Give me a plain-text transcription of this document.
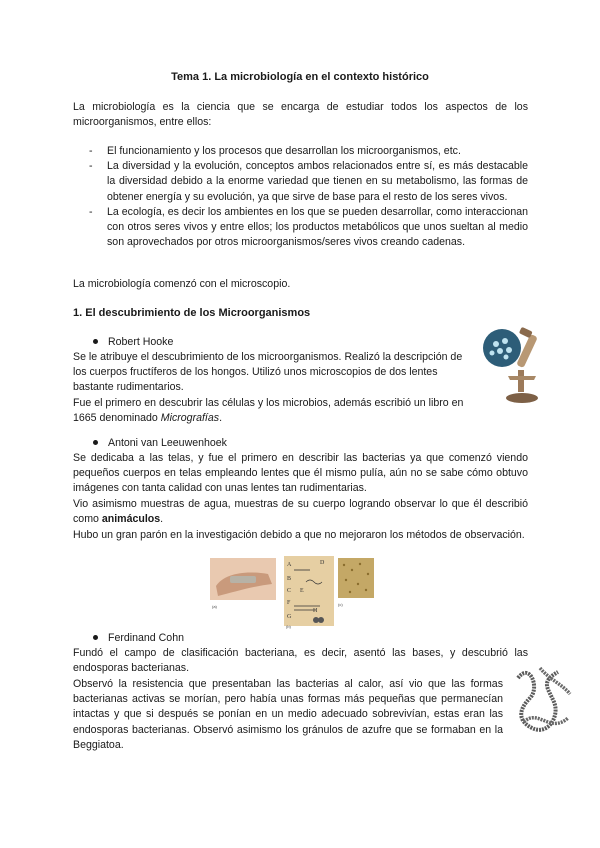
Tema 1. La microbiología en el contexto histórico

La microbiología es la ciencia que se encarga de estudiar todos los aspectos de los microorganismos, entre ellos:

- El funcionamiento y los procesos que desarrollan los microorganismos, etc.
- La diversidad y la evolución, conceptos ambos relacionados entre sí, es más destacable la diversidad debido a la enorme variedad que tienen en su metabolismo, las formas de obtener energía y su evolución, ya que sirve de base para el resto de los seres vivos.
- La ecología, es decir los ambientes en los que se pueden desarrollar, como interaccionan con otros seres vivos y entre ellos; los productos metabólicos que unos sueltan al medio son aprovechados por otros microorganismos/seres vivos creando cadenas.

La microbiología comenzó con el microscopio.

1. El descubrimiento de los Microorganismos
Robert Hooke

Se le atribuye el descubrimiento de los microorganismos. Realizó la descripción de los cuerpos fructíferos de los hongos. Utilizó unos microscopios de dos lentes bastante rudimentarios.

Fue el primero en descubrir las células y los microbios, además escribió un libro en 1665 denominado Micrografías.

Antoni van Leeuwenhoek

Se dedicaba a las telas, y fue el primero en describir las bacterias ya que comenzó viendo pequeños cuerpos en telas empleando lentes que él mismo pulía, aún no se sabe cómo obtuvo imágenes con tanta calidad con unas lentes tan rudimentarias.

Vio asimismo muestras de agua, muestras de su cuerpo logrando observar lo que él describió como animáculos.

Hubo un gran parón en la investigación debido a que no mejoraron los métodos de observación.

(a)
A
B
C E
F
G
H
D
(b)
(c)
Ferdinand Cohn

Fundó el campo de clasificación bacteriana, es decir, asentó las bases, y descubrió las endosporas bacterianas.

Observó la resistencia que presentaban las bacterias al calor, así vio que las formas bacterianas activas se morían, pero había unas formas más pequeñas que permanecían intactas y que si después se ponían en un medio adecuado sobrevivían, estas eran las endosporas bacterianas. Observó asimismo los gránulos de azufre que se formaban en la Beggiatoa.
